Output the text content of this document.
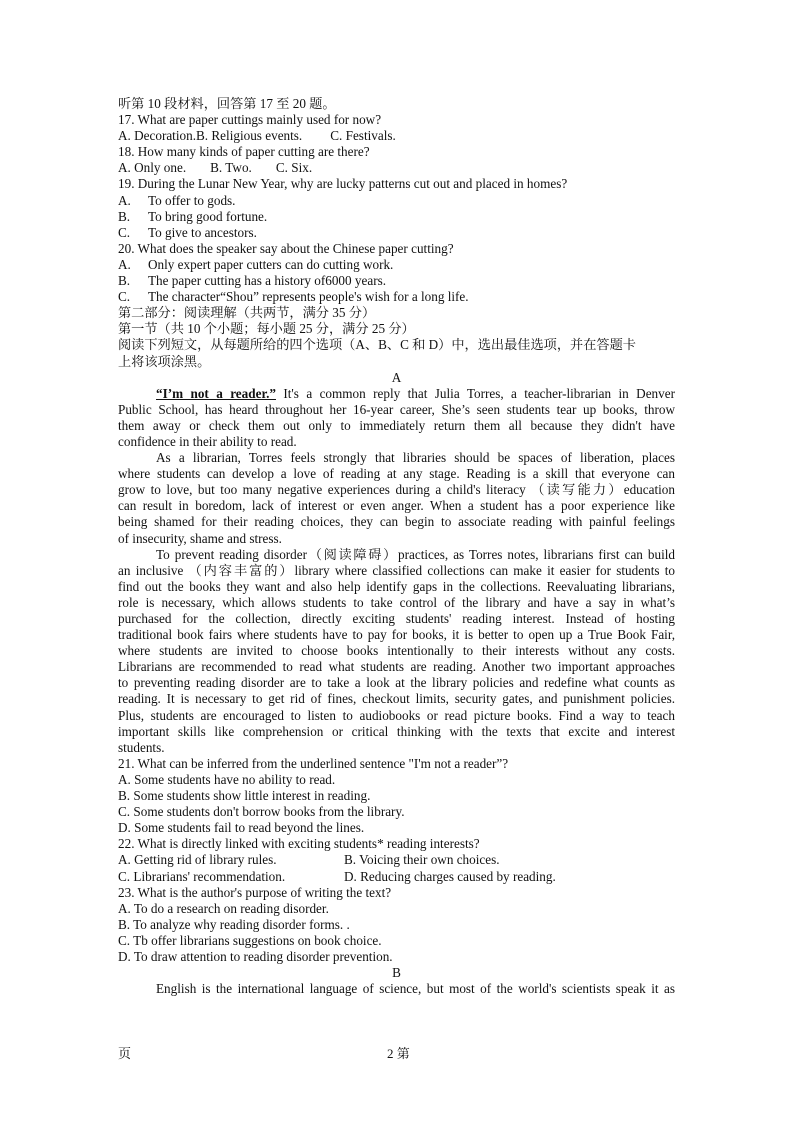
听第 10 段材料，回答第 17 至 20 题。
17. What are paper cuttings mainly used for now?
A. Decoration.B. Religious events. C. Festivals.
18. How many kinds of paper cutting are there?
A. Only one. B. Two. C. Six.
19. During the Lunar New Year, why are lucky patterns cut out and placed in homes?
A. To offer to gods.
B. To bring good fortune.
C. To give to ancestors.
20. What does the speaker say about the Chinese paper cutting?
A. Only expert paper cutters can do cutting work.
B. The paper cutting has a history of6000 years.
C. The character“Shou” represents people's wish for a long life.
第二部分：阅读理解（共两节，满分 35 分）
第一节（共 10 个小题；每小题 25 分，满分 25 分）
阅读下列短文，从每题所给的四个选项（A、B、C 和 D）中，选出最佳选项，并在答题卡
上将该项涂黑。
A
“I’m not a reader.” It's a common reply that Julia Torres, a teacher-librarian in Denver
Public School, has heard throughout her 16-year career, She’s seen students tear up books, throw
them away or check them out only to immediately return them all because they didn't have
confidence in their ability to read.
As a librarian, Torres feels strongly that libraries should be spaces of liberation, places
where students can develop a love of reading at any stage. Reading is a skill that everyone can
grow to love, but too many negative experiences during a child's literacy （读写能力）education
can result in boredom, lack of interest or even anger. When a student has a poor experience like
being shamed for their reading choices, they can begin to associate reading with painful feelings
of insecurity, shame and stress.
To prevent reading disorder（阅读障碍）practices, as Torres notes, librarians first can build
an inclusive （内容丰富的）library where classified collections can make it easier for students to
find out the books they want and also help identify gaps in the collections. Reevaluating librarians,
role is necessary, which allows students to take control of the library and have a say in what’s
purchased for the collection, directly exciting students' reading interest. Instead of hosting
traditional book fairs where students have to pay for books, it is better to open up a True Book Fair,
where students are invited to choose books intentionally to their interests without any costs.
Librarians are recommended to read what students are reading. Another two important approaches
to preventing reading disorder are to take a look at the library policies and redefine what counts as
reading. It is necessary to get rid of fines, checkout limits, security gates, and punishment policies.
Plus, students are encouraged to listen to audiobooks or read picture books. Find a way to teach
important skills like comprehension or critical thinking with the texts that excite and interest
students.
21. What can be inferred from the underlined sentence "I'm not a reader”?
A. Some students have no ability to read.
B. Some students show little interest in reading.
C. Some students don't borrow books from the library.
D. Some students fail to read beyond the lines.
22. What is directly linked with exciting students* reading interests?
A. Getting rid of library rules.	B. Voicing their own choices.
C. Librarians' recommendation.	D. Reducing charges caused by reading.
23. What is the author's purpose of writing the text?
A. To do a research on reading disorder.
B. To analyze why reading disorder forms. .
C. Tb offer librarians suggestions on book choice.
D. To draw attention to reading disorder prevention.
B
English is the international language of science, but most of the world's scientists speak it as
页	2 第
